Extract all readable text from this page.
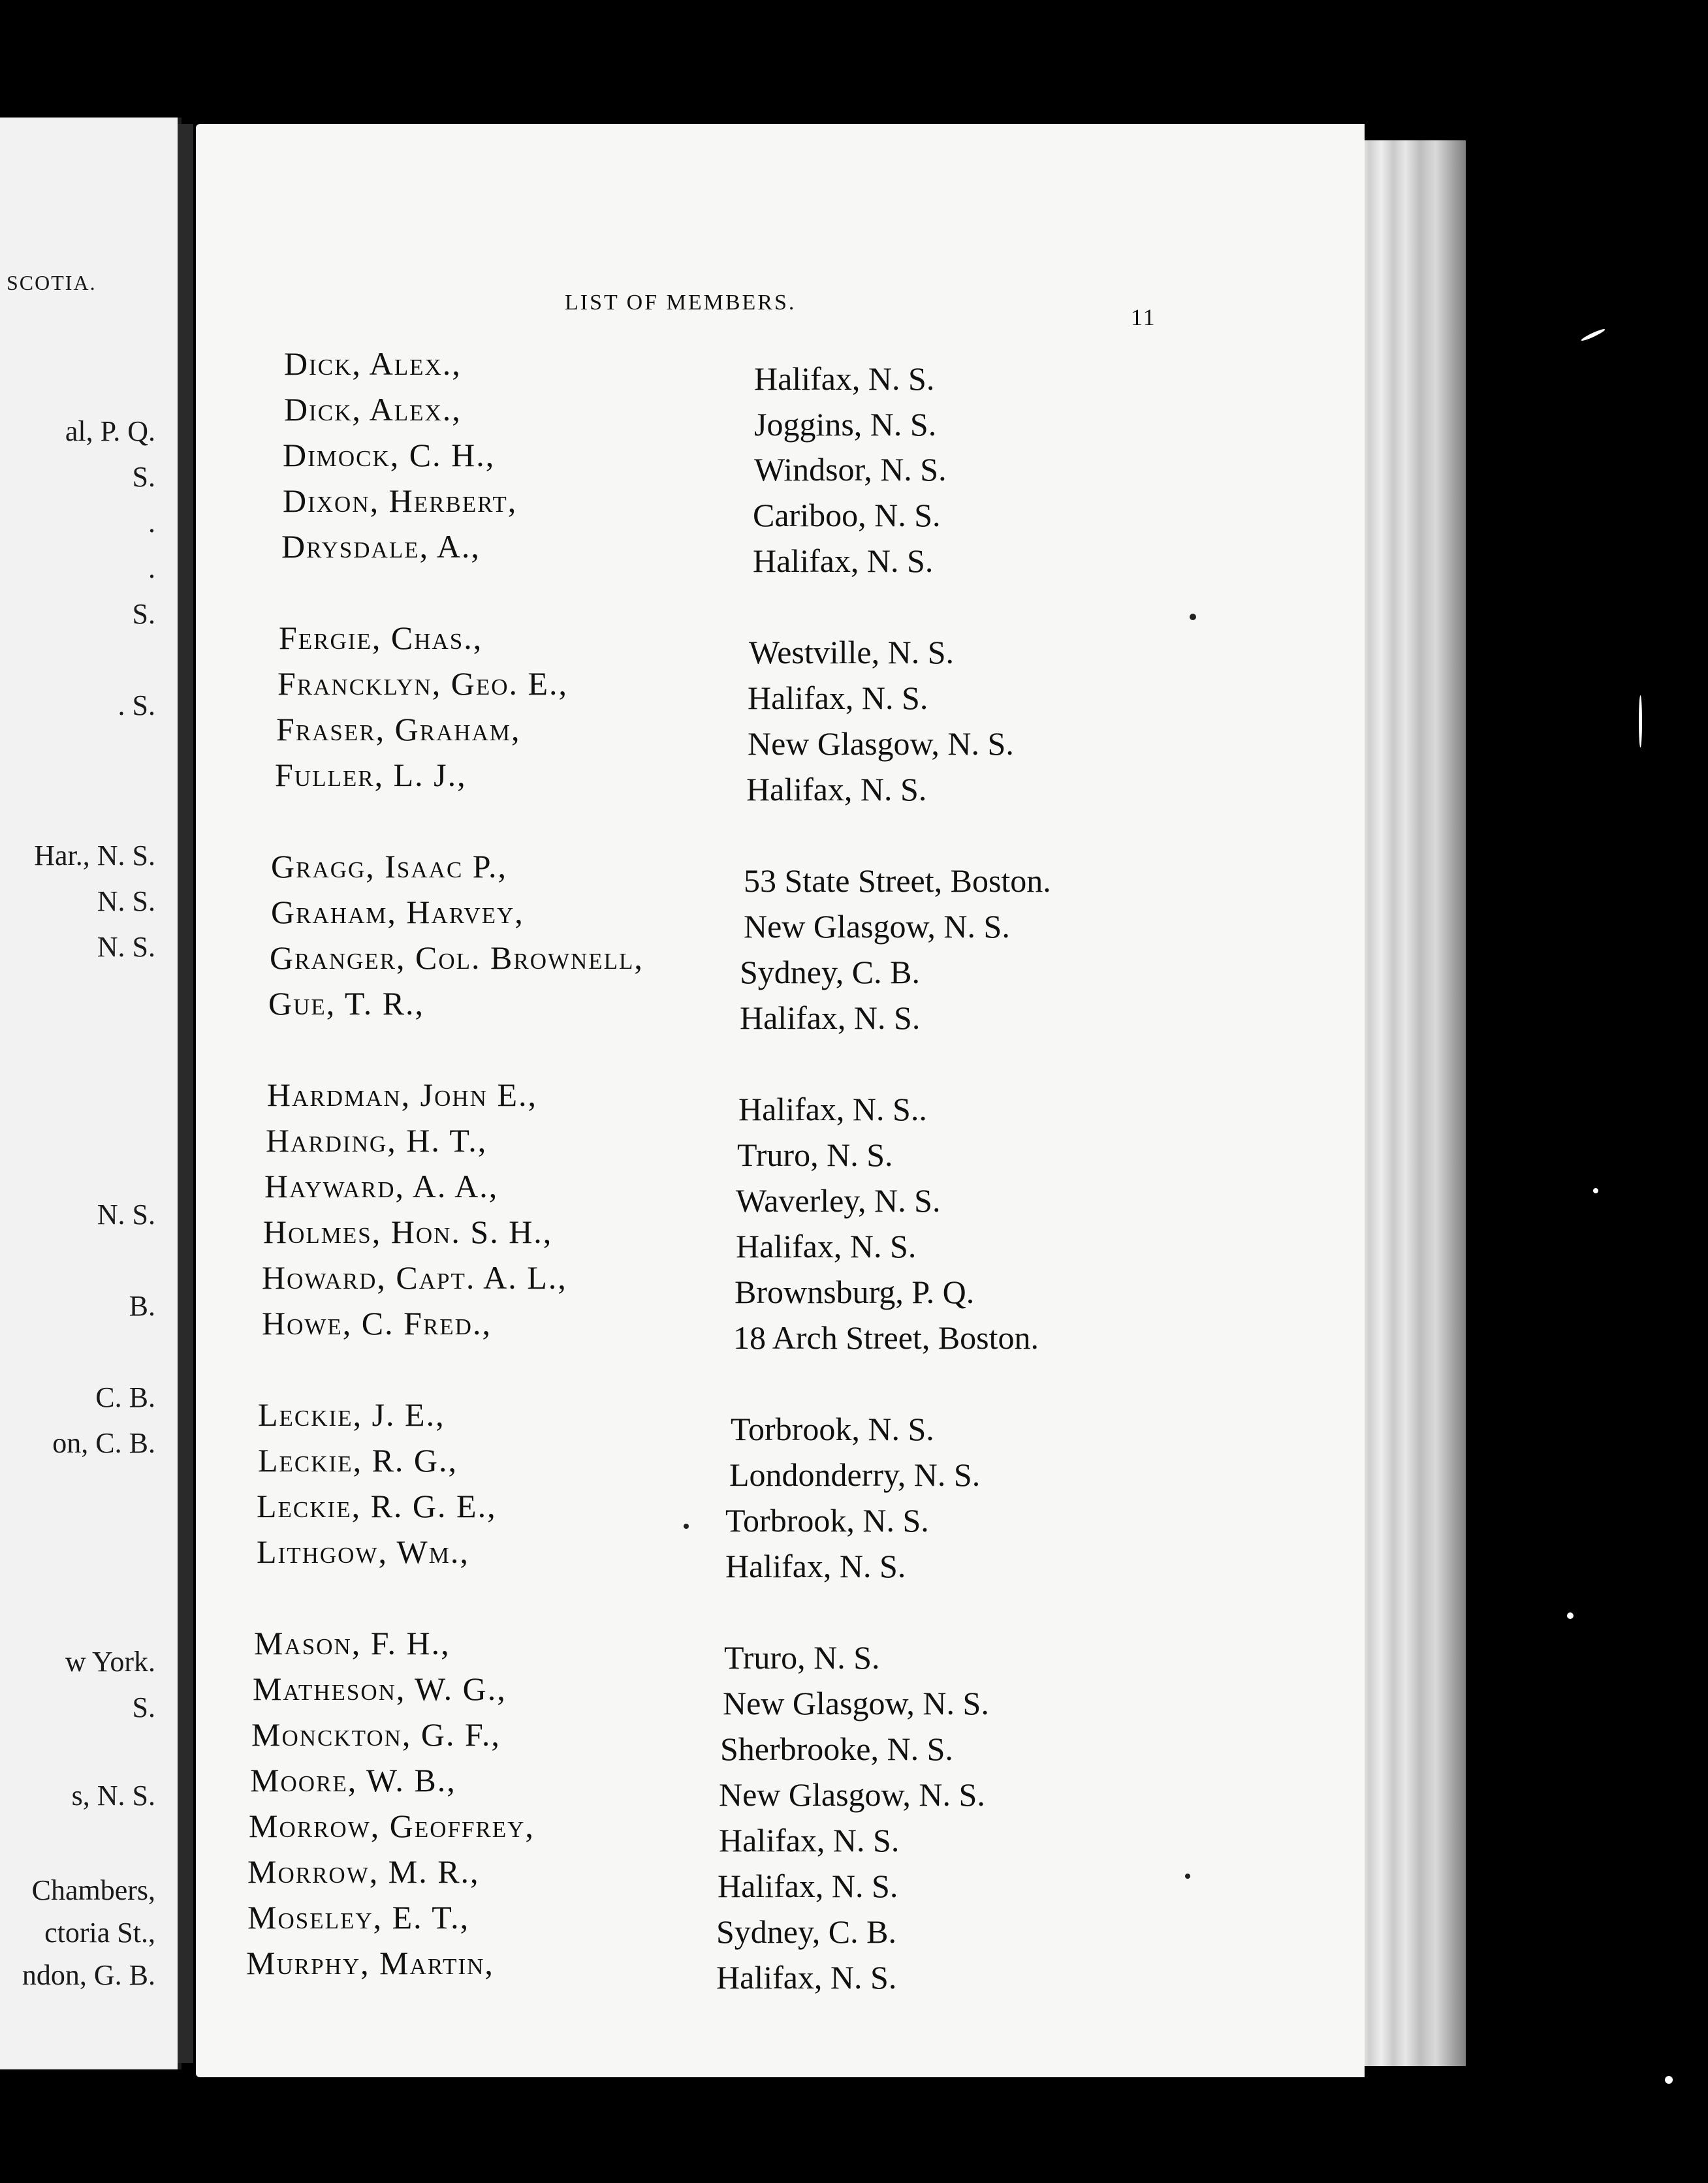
SCOTIA.
al, P. Q.
S.
.
.
S.
. S.
Har., N. S.
N. S.
N. S.
N. S.
B.
C. B.
on, C. B.
w York.
S.
s, N. S.
Chambers,
ctoria St.,
ndon, G. B.
LIST OF MEMBERS.
11
Dick, Alex.,	Halifax, N. S.
Dick, Alex.,	Joggins, N. S.
Dimock, C. H.,	Windsor, N. S.
Dixon, Herbert,	Cariboo, N. S.
Drysdale, A.,	Halifax, N. S.
Fergie, Chas.,	Westville, N. S.
Francklyn, Geo. E.,	Halifax, N. S.
Fraser, Graham,	New Glasgow, N. S.
Fuller, L. J.,	Halifax, N. S.
Gragg, Isaac P.,	53 State Street, Boston.
Graham, Harvey,	New Glasgow, N. S.
Granger, Col. Brownell,	Sydney, C. B.
Gue, T. R.,	Halifax, N. S.
Hardman, John E.,	Halifax, N. S..
Harding, H. T.,	Truro, N. S.
Hayward, A. A.,	Waverley, N. S.
Holmes, Hon. S. H.,	Halifax, N. S.
Howard, Capt. A. L.,	Brownsburg, P. Q.
Howe, C. Fred.,	18 Arch Street, Boston.
Leckie, J. E.,	Torbrook, N. S.
Leckie, R. G.,	Londonderry, N. S.
Leckie, R. G. E.,	Torbrook, N. S.
Lithgow, Wm.,	Halifax, N. S.
Mason, F. H.,	Truro, N. S.
Matheson, W. G.,	New Glasgow, N. S.
Monckton, G. F.,	Sherbrooke, N. S.
Moore, W. B.,	New Glasgow, N. S.
Morrow, Geoffrey,	Halifax, N. S.
Morrow, M. R.,	Halifax, N. S.
Moseley, E. T.,	Sydney, C. B.
Murphy, Martin,	Halifax, N. S.
